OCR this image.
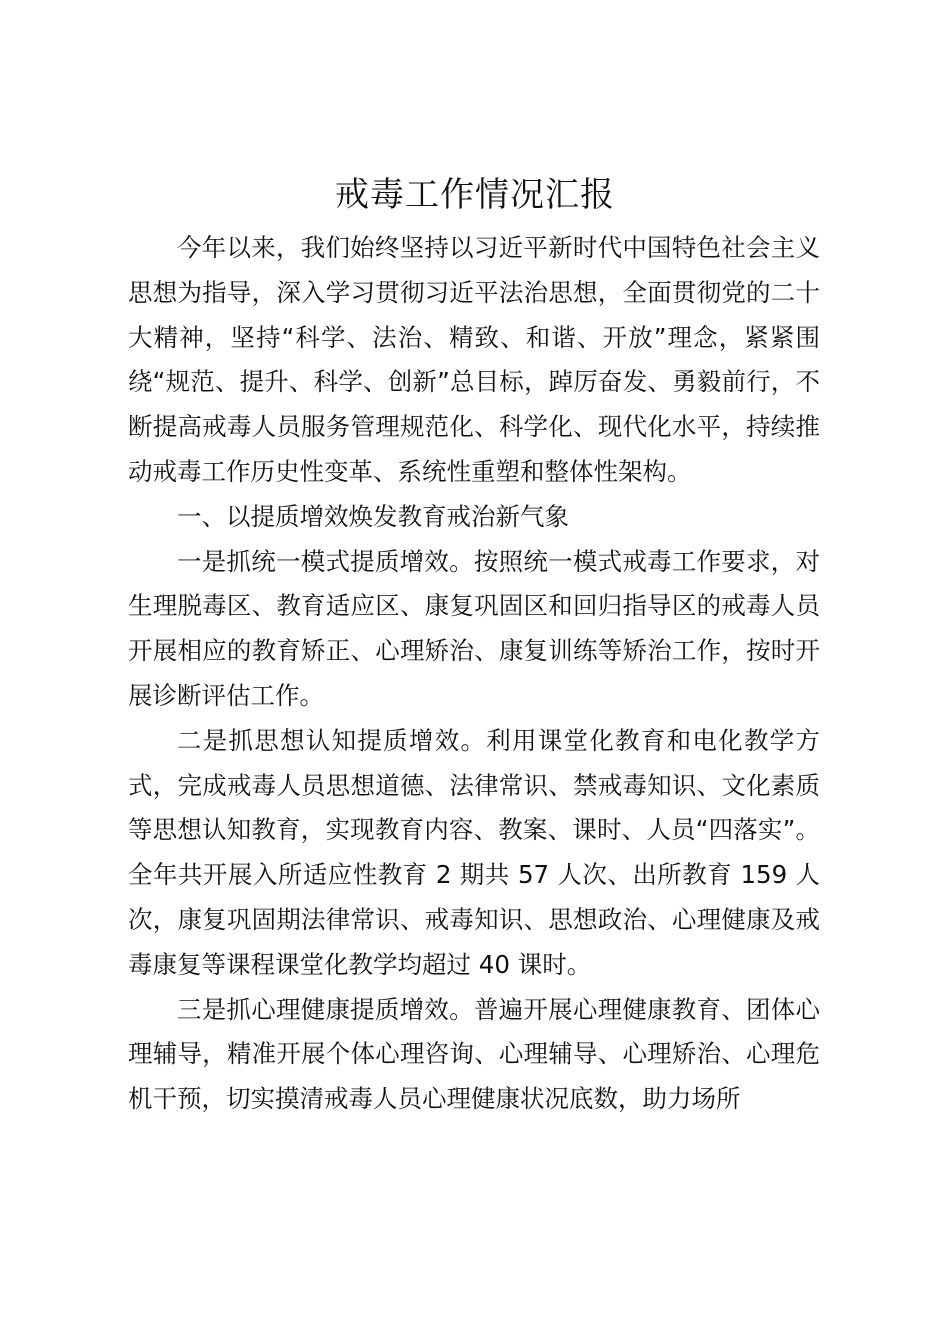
戒毒工作情况汇报

今年以来，我们始终坚持以习近平新时代中国特色社会主义思想为指导，深入学习贯彻习近平法治思想，全面贯彻党的二十大精神，坚持“科学、法治、精致、和谐、开放”理念，紧紧围绕“规范、提升、科学、创新”总目标，踔厉奋发、勇毅前行，不断提高戒毒人员服务管理规范化、科学化、现代化水平，持续推动戒毒工作历史性变革、系统性重塑和整体性架构。

一、以提质增效焕发教育戒治新气象

一是抓统一模式提质增效。按照统一模式戒毒工作要求，对生理脱毒区、教育适应区、康复巩固区和回归指导区的戒毒人员开展相应的教育矫正、心理矫治、康复训练等矫治工作，按时开展诊断评估工作。

二是抓思想认知提质增效。利用课堂化教育和电化教学方式，完成戒毒人员思想道德、法律常识、禁戒毒知识、文化素质等思想认知教育，实现教育内容、教案、课时、人员“四落实”。全年共开展入所适应性教育 2 期共 57 人次、出所教育 159 人次，康复巩固期法律常识、戒毒知识、思想政治、心理健康及戒毒康复等课程课堂化教学均超过 40 课时。

三是抓心理健康提质增效。普遍开展心理健康教育、团体心理辅导，精准开展个体心理咨询、心理辅导、心理矫治、心理危机干预，切实摸清戒毒人员心理健康状况底数，助力场所
